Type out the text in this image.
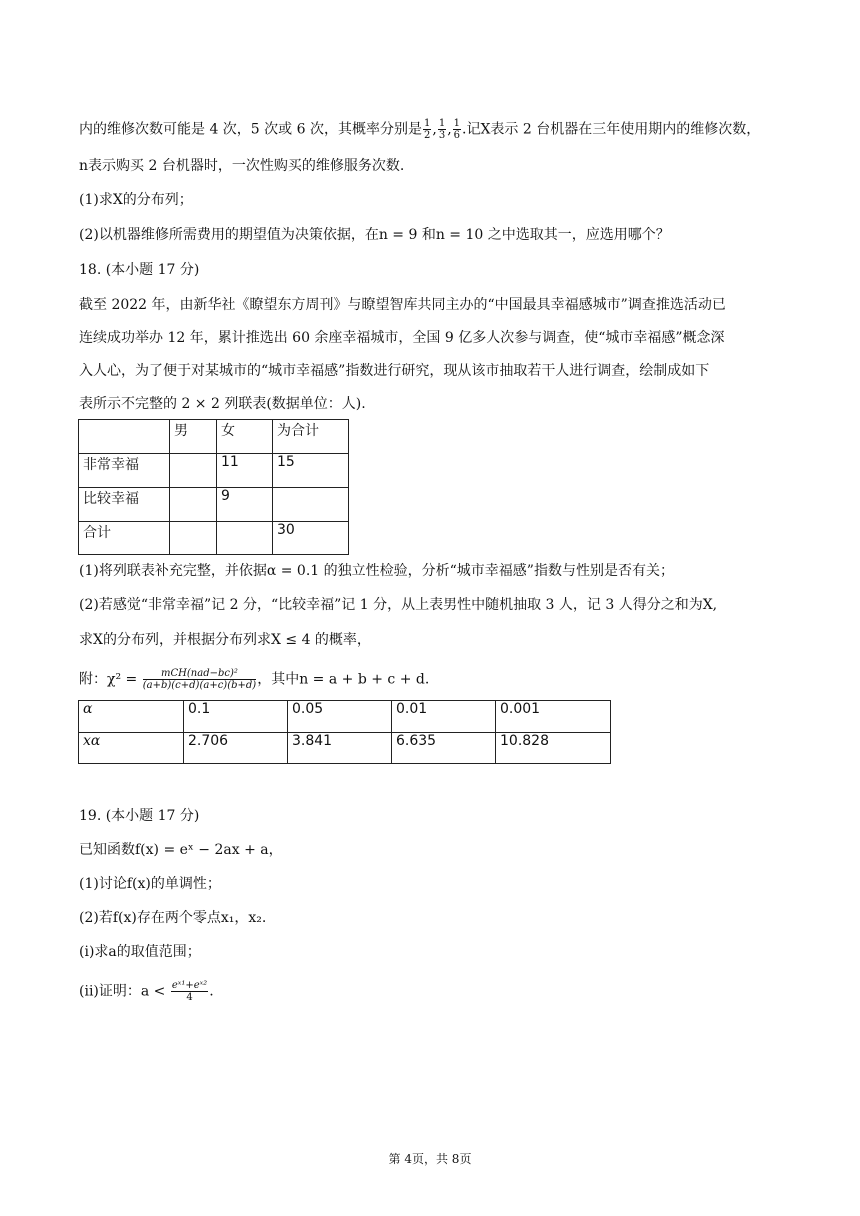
内的维修次数可能是 4 次，5 次或 6 次，其概率分别是 $\frac{1}{2}$ , $\frac{1}{3}$ , $\frac{1}{6}$ .记X表示 2 台机器在三年使用期内的维修次数，
n表示购买 2 台机器时，一次性购买的维修服务次数.
(1)求X的分布列；
(2)以机器维修所需费用的期望值为决策依据，在n = 9 和n = 10 之中选取其一，应选用哪个？
18. (本小题 17 分)
截至 2022 年，由新华社《瞭望东方周刊》与瞭望智库共同主办的“中国最具幸福感城市”调查推选活动已
连续成功举办 12 年，累计推选出 60 余座幸福城市，全国 9 亿多人次参与调查，使“城市幸福感”概念深
入人心，为了便于对某城市的“城市幸福感”指数进行研究，现从该市抽取若干人进行调查，绘制成如下
表所示不完整的 2 × 2 列联表(数据单位：人).
	男	女	为合计
非常幸福		11	15
比较幸福		9	
合计			30
(1)将列联表补充完整，并依据α = 0.1 的独立性检验，分析“城市幸福感”指数与性别是否有关；
(2)若感觉“非常幸福”记 2 分，“比较幸福”记 1 分，从上表男性中随机抽取 3 人，记 3 人得分之和为X,
求X的分布列，并根据分布列求X ≤ 4 的概率，
附：$\chi^2 = \frac{\text{mCH(nad−bc)²}}{(a+b)(c+d)(a+c)(b+d)}$ ，其中n = a + b + c + d.
α	0.1	0.05	0.01	0.001
xα	2.706	3.841	6.635	10.828
19. (本小题 17 分)
已知函数f(x) = eˣ − 2ax + a，
(1)讨论f(x)的单调性；
(2)若f(x)存在两个零点x₁，x₂.
(i)求a的取值范围；
(ii)证明：$a < \frac{\text{eˣ¹+eˣ²}}{4}$ .
第 4页，共 8页
